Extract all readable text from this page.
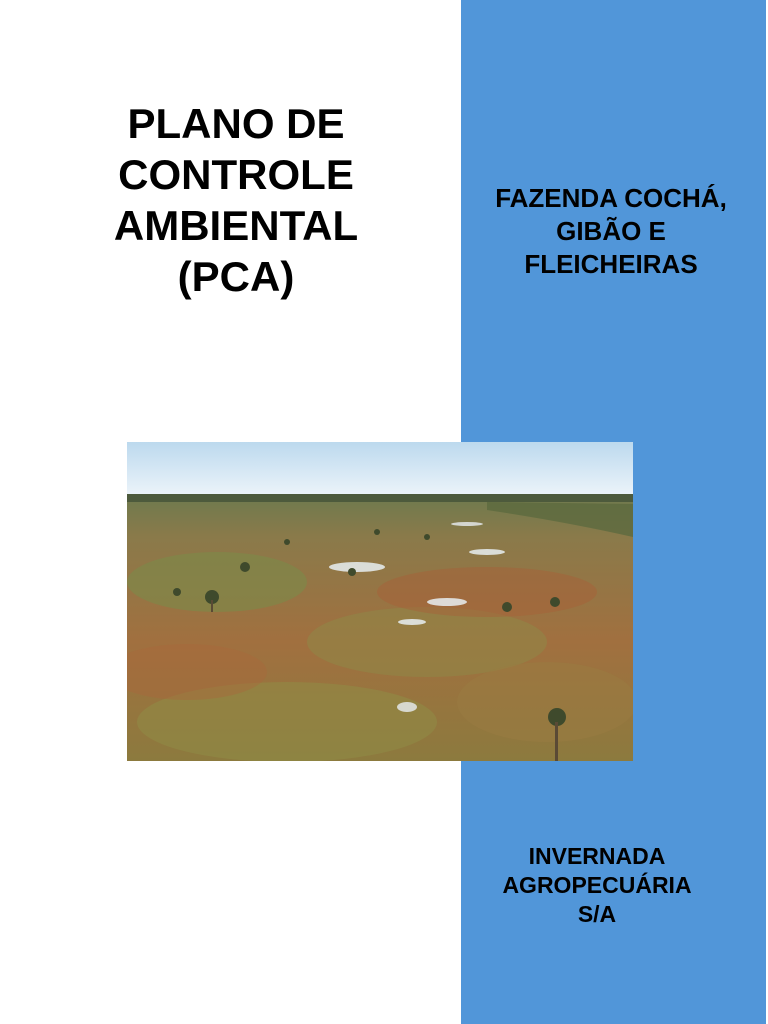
PLANO DE
CONTROLE
AMBIENTAL
(PCA)
FAZENDA COCHÁ,
GIBÃO E
FLEICHEIRAS
INVERNADA
AGROPECUÁRIA
S/A
